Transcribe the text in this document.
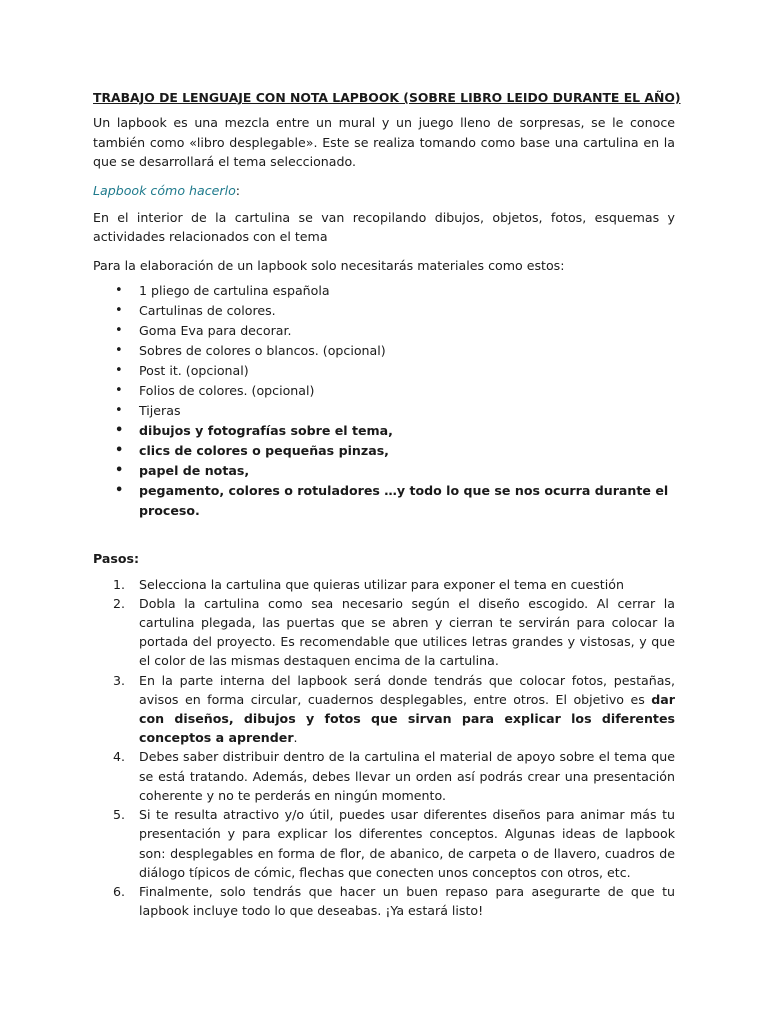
TRABAJO DE LENGUAJE CON NOTA LAPBOOK (SOBRE LIBRO LEIDO DURANTE EL AÑO)

Un lapbook es una mezcla entre un mural y un juego lleno de sorpresas, se le conoce también como «libro desplegable». Este se realiza tomando como base una cartulina en la que se desarrollará el tema seleccionado.

Lapbook cómo hacerlo:

En el interior de la cartulina se van recopilando dibujos, objetos, fotos, esquemas y actividades relacionados con el tema

Para la elaboración de un lapbook solo necesitarás materiales como estos:

• 1 pliego de cartulina española
• Cartulinas de colores.
• Goma Eva para decorar.
• Sobres de colores o blancos. (opcional)
• Post it. (opcional)
• Folios de colores. (opcional)
• Tijeras
• dibujos y fotografías sobre el tema,
• clics de colores o pequeñas pinzas,
• papel de notas,
• pegamento, colores o rotuladores …y todo lo que se nos ocurra durante el proceso.
Pasos:
1. Selecciona la cartulina que quieras utilizar para exponer el tema en cuestión
2. Dobla la cartulina como sea necesario según el diseño escogido. Al cerrar la cartulina plegada, las puertas que se abren y cierran te servirán para colocar la portada del proyecto. Es recomendable que utilices letras grandes y vistosas, y que el color de las mismas destaquen encima de la cartulina.
3. En la parte interna del lapbook será donde tendrás que colocar fotos, pestañas, avisos en forma circular, cuadernos desplegables, entre otros. El objetivo es dar con diseños, dibujos y fotos que sirvan para explicar los diferentes conceptos a aprender.
4. Debes saber distribuir dentro de la cartulina el material de apoyo sobre el tema que se está tratando. Además, debes llevar un orden así podrás crear una presentación coherente y no te perderás en ningún momento.
5. Si te resulta atractivo y/o útil, puedes usar diferentes diseños para animar más tu presentación y para explicar los diferentes conceptos. Algunas ideas de lapbook son: desplegables en forma de flor, de abanico, de carpeta o de llavero, cuadros de diálogo típicos de cómic, flechas que conecten unos conceptos con otros, etc.
6. Finalmente, solo tendrás que hacer un buen repaso para asegurarte de que tu lapbook incluye todo lo que deseabas. ¡Ya estará listo!
